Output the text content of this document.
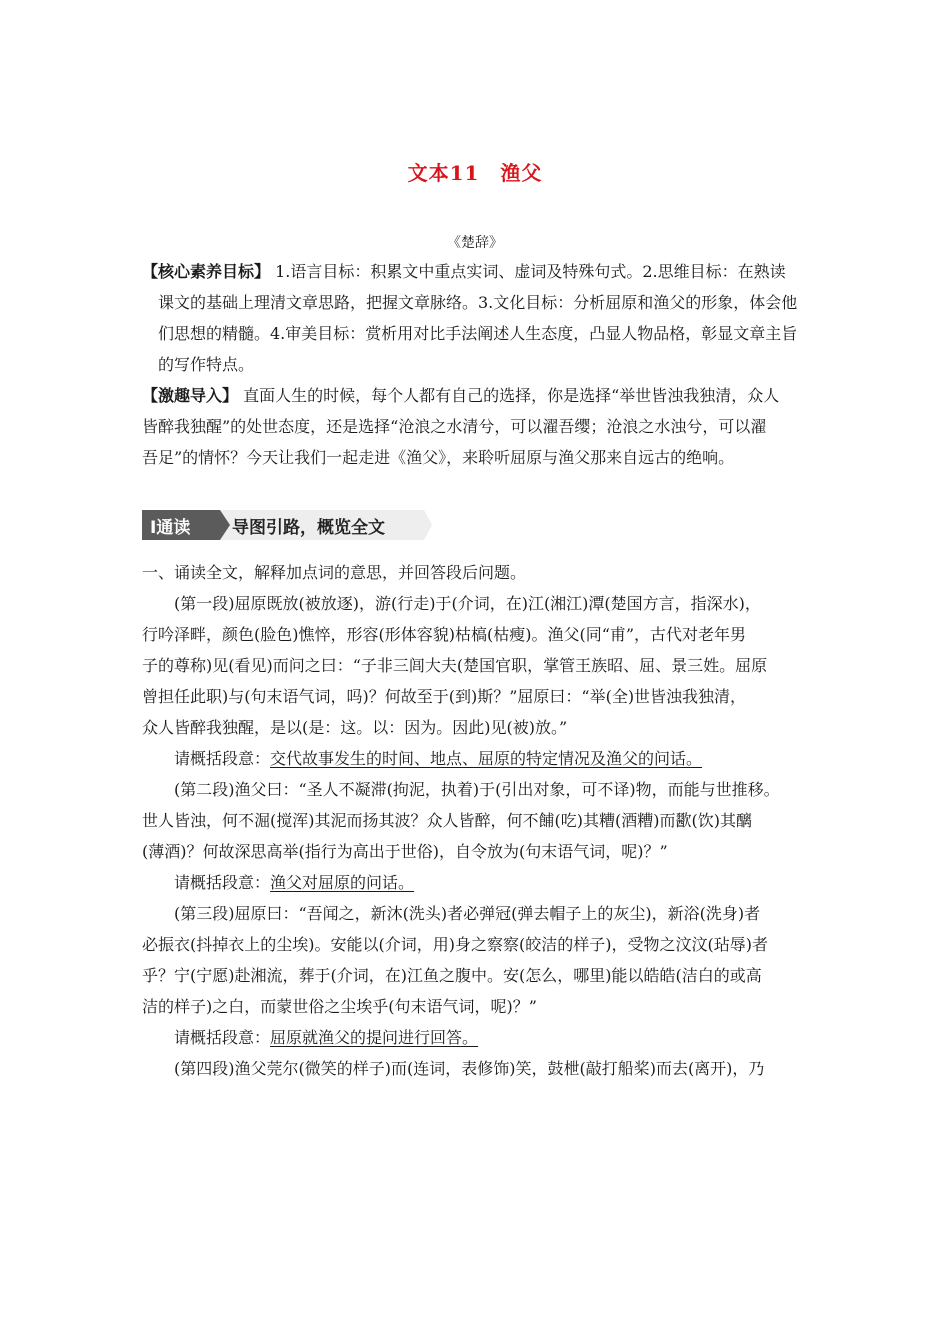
文本11　渔父
《楚辞》
【核心素养目标】 1.语言目标：积累文中重点实词、虚词及特殊句式。2.思维目标：在熟读
课文的基础上理清文章思路，把握文章脉络。3.文化目标：分析屈原和渔父的形象，体会他
们思想的精髓。4.审美目标：赏析用对比手法阐述人生态度，凸显人物品格，彰显文章主旨
的写作特点。
【激趣导入】 直面人生的时候，每个人都有自己的选择，你是选择“举世皆浊我独清，众人
皆醉我独醒”的处世态度，还是选择“沧浪之水清兮，可以濯吾缨；沧浪之水浊兮，可以濯
吾足”的情怀？今天让我们一起走进《渔父》，来聆听屈原与渔父那来自远古的绝响。
Ⅰ通读 导图引路，概览全文
一、诵读全文，解释加点词的意思，并回答段后问题。
(第一段)屈原既放(被放逐)，游(行走)于(介词，在)江(湘江)潭(楚国方言，指深水)，
行吟泽畔，颜色(脸色)憔悴，形容(形体容貌)枯槁(枯瘦)。渔父(同“甫”，古代对老年男
子的尊称)见(看见)而问之曰：“子非三闾大夫(楚国官职，掌管王族昭、屈、景三姓。屈原
曾担任此职)与(句末语气词，吗)？何故至于(到)斯？”屈原曰：“举(全)世皆浊我独清，
众人皆醉我独醒，是以(是：这。以：因为。因此)见(被)放。”
请概括段意：交代故事发生的时间、地点、屈原的特定情况及渔父的问话。
(第二段)渔父曰：“圣人不凝滞(拘泥，执着)于(引出对象，可不译)物，而能与世推移。
世人皆浊，何不淈(搅浑)其泥而扬其波？众人皆醉，何不餔(吃)其糟(酒糟)而歠(饮)其醨
(薄酒)？何故深思高举(指行为高出于世俗)，自令放为(句末语气词，呢)？”
请概括段意：渔父对屈原的问话。
(第三段)屈原曰：“吾闻之，新沐(洗头)者必弹冠(弹去帽子上的灰尘)，新浴(洗身)者
必振衣(抖掉衣上的尘埃)。安能以(介词，用)身之察察(皎洁的样子)，受物之汶汶(玷辱)者
乎？宁(宁愿)赴湘流，葬于(介词，在)江鱼之腹中。安(怎么，哪里)能以皓皓(洁白的或高
洁的样子)之白，而蒙世俗之尘埃乎(句末语气词，呢)？”
请概括段意：屈原就渔父的提问进行回答。
(第四段)渔父莞尔(微笑的样子)而(连词，表修饰)笑，鼓枻(敲打船桨)而去(离开)，乃
